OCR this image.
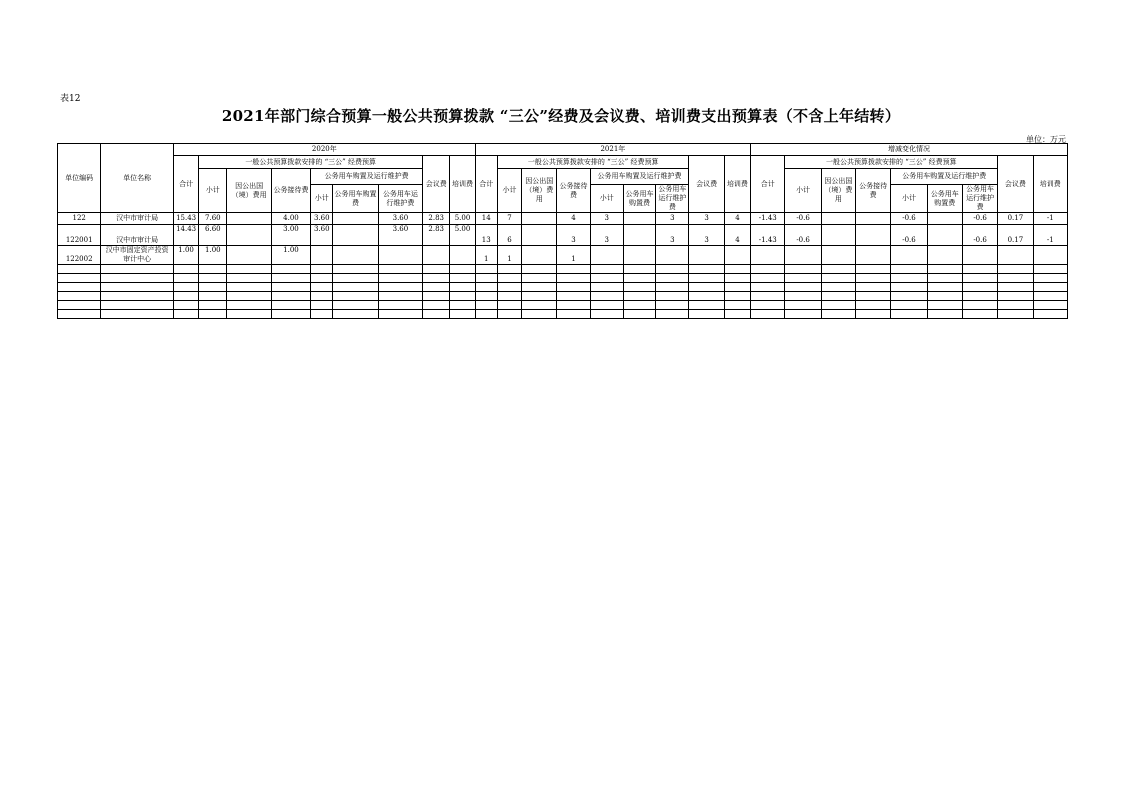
表12
2021年部门综合预算一般公共预算拨款 “三公”经费及会议费、培训费支出预算表（不含上年结转）
单位：万元
单位编码	单位名称	2020年									2021年									增减变化情况								
		合计	一般公共预算拨款安排的 “三公” 经费预算						会议费	培训费	合计	一般公共预算拨款安排的 “三公” 经费预算						会议费	培训费	合计	一般公共预算拨款安排的 “三公” 经费预算						会议费	培训费
			小计	因公出国（境）费用	公务接待费	公务用车购置及运行维护费						小计	因公出国（境）费用	公务接待费	公务用车购置及运行维护费						小计	因公出国（境）费用	公务接待费	公务用车购置及运行维护费				
						小计	公务用车购置费	公务用车运行维护费							小计	公务用车购置费	公务用车运行维护费							小计	公务用车购置费	公务用车运行维护费		
122	汉中市审计局	15.43	7.60		4.00	3.60		3.60	2.83	5.00	14	7		4	3		3	3	4	-1.43	-0.6			-0.6		-0.6	0.17	-1
122001	汉中市审计局	14.43	6.60		3.00	3.60		3.60	2.83	5.00	13	6		3	3		3	3	4	-1.43	-0.6			-0.6		-0.6	0.17	-1
122002	汉中市固定资产投资审计中心	1.00	1.00		1.00						1	1		1														
